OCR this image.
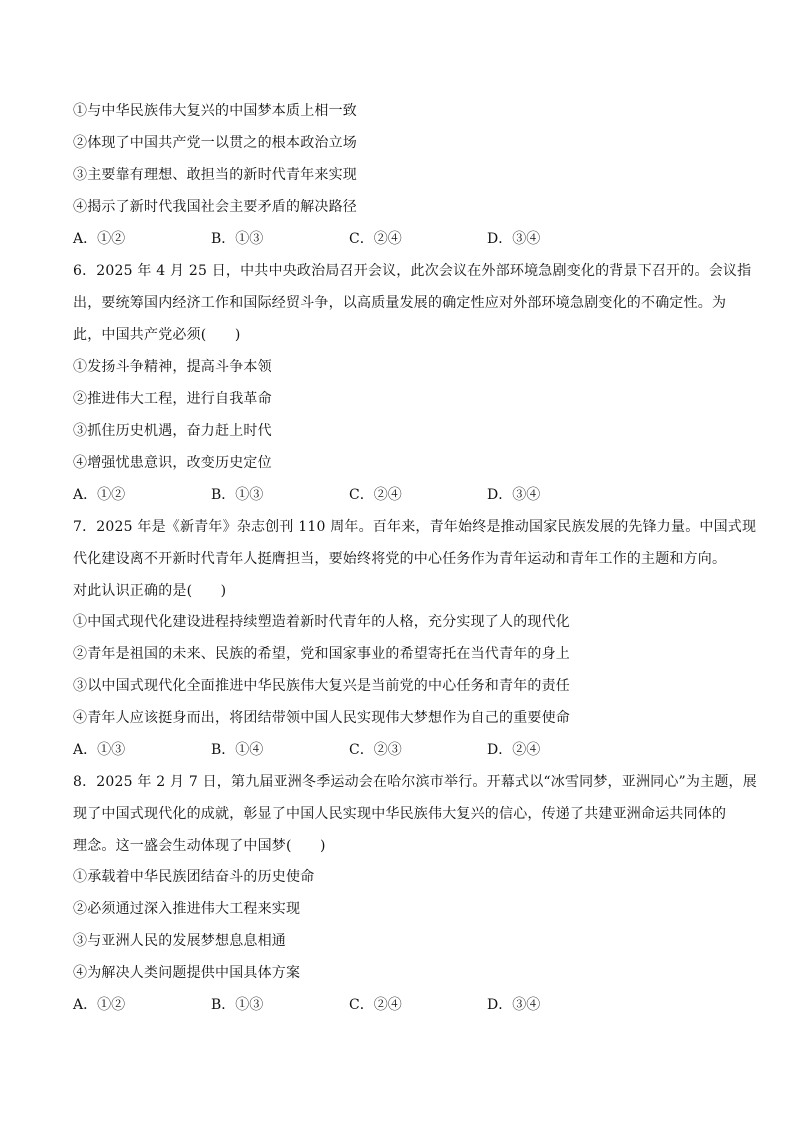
①与中华民族伟大复兴的中国梦本质上相一致
②体现了中国共产党一以贯之的根本政治立场
③主要靠有理想、敢担当的新时代青年来实现
④揭示了新时代我国社会主要矛盾的解决路径
A．①②	B．①③	C．②④	D．③④
6．2025 年 4 月 25 日，中共中央政治局召开会议，此次会议在外部环境急剧变化的背景下召开的。会议指
出，要统筹国内经济工作和国际经贸斗争，以高质量发展的确定性应对外部环境急剧变化的不确定性。为
此，中国共产党必须(　　)
①发扬斗争精神，提高斗争本领
②推进伟大工程，进行自我革命
③抓住历史机遇，奋力赶上时代
④增强忧患意识，改变历史定位
A．①②	B．①③	C．②④	D．③④
7．2025 年是《新青年》杂志创刊 110 周年。百年来，青年始终是推动国家民族发展的先锋力量。中国式现
代化建设离不开新时代青年人挺膺担当，要始终将党的中心任务作为青年运动和青年工作的主题和方向。
对此认识正确的是(　　)
①中国式现代化建设进程持续塑造着新时代青年的人格，充分实现了人的现代化
②青年是祖国的未来、民族的希望，党和国家事业的希望寄托在当代青年的身上
③以中国式现代化全面推进中华民族伟大复兴是当前党的中心任务和青年的责任
④青年人应该挺身而出，将团结带领中国人民实现伟大梦想作为自己的重要使命
A．①③	B．①④	C．②③	D．②④
8．2025 年 2 月 7 日，第九届亚洲冬季运动会在哈尔滨市举行。开幕式以“冰雪同梦，亚洲同心”为主题，展
现了中国式现代化的成就，彰显了中国人民实现中华民族伟大复兴的信心，传递了共建亚洲命运共同体的
理念。这一盛会生动体现了中国梦(　　)
①承载着中华民族团结奋斗的历史使命
②必须通过深入推进伟大工程来实现
③与亚洲人民的发展梦想息息相通
④为解决人类问题提供中国具体方案
A．①②	B．①③	C．②④	D．③④
